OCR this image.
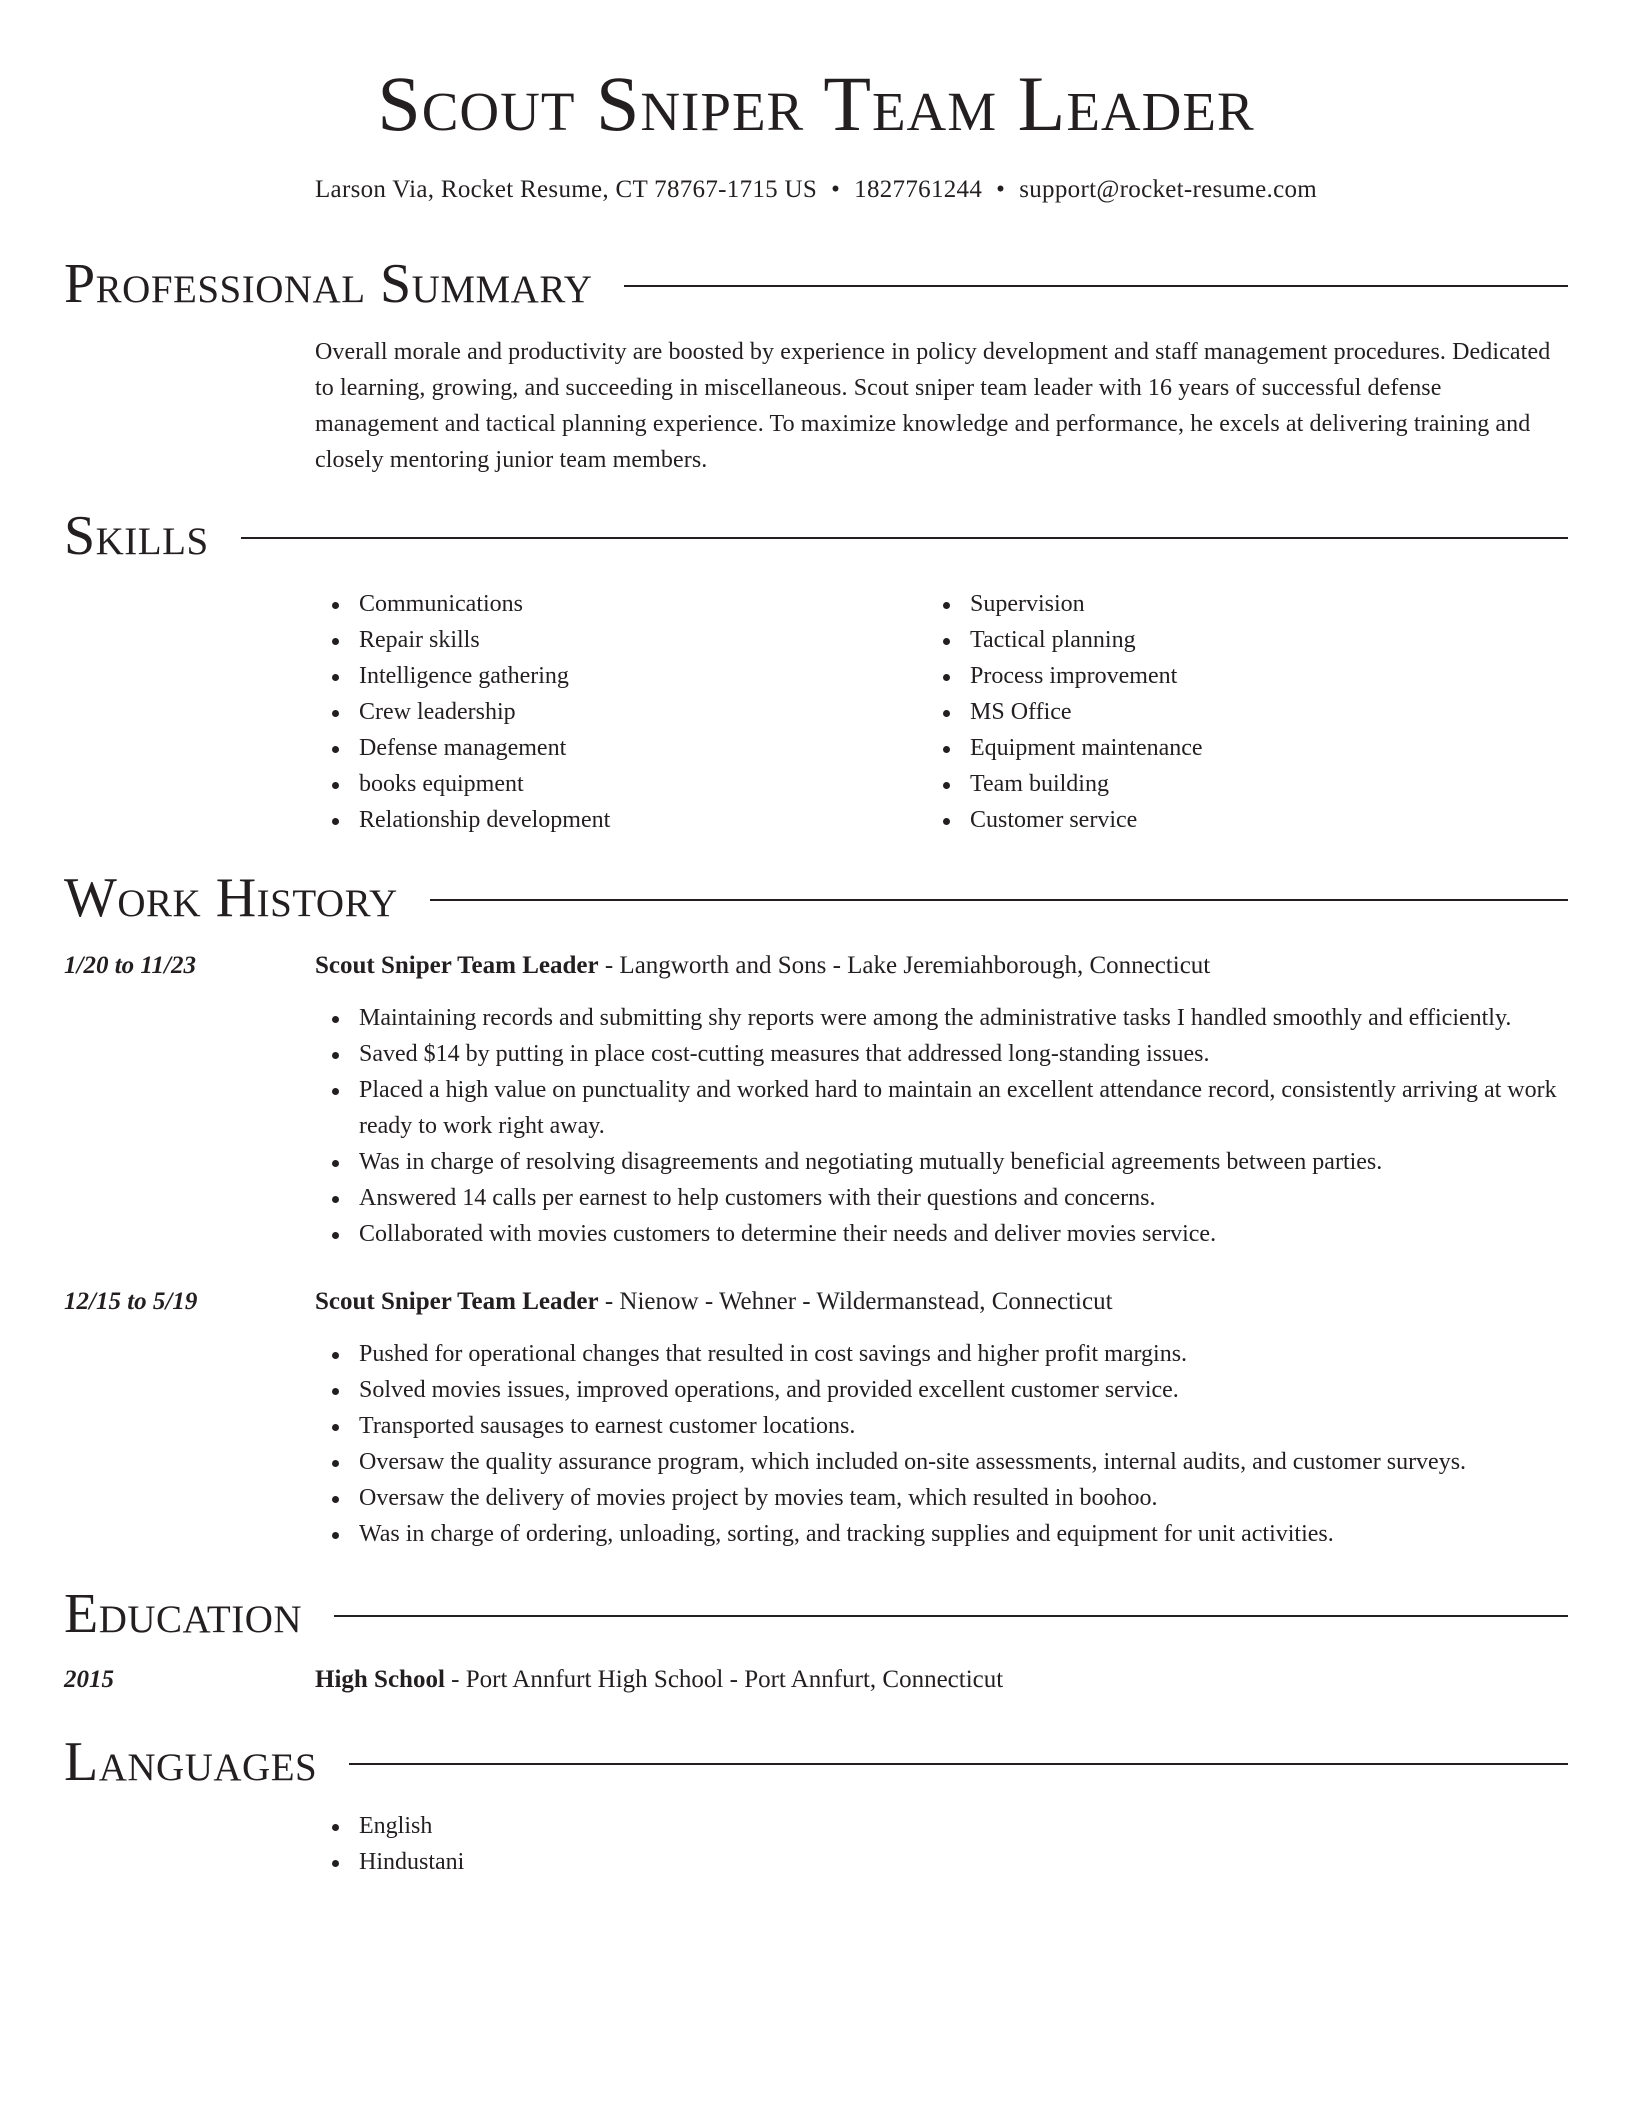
Scout Sniper Team Leader
Larson Via, Rocket Resume, CT 78767-1715 US • 1827761244 • support@rocket-resume.com
Professional Summary
Overall morale and productivity are boosted by experience in policy development and staff management procedures. Dedicated to learning, growing, and succeeding in miscellaneous. Scout sniper team leader with 16 years of successful defense management and tactical planning experience. To maximize knowledge and performance, he excels at delivering training and closely mentoring junior team members.
Skills
Communications
Repair skills
Intelligence gathering
Crew leadership
Defense management
books equipment
Relationship development
Supervision
Tactical planning
Process improvement
MS Office
Equipment maintenance
Team building
Customer service
Work History
1/20 to 11/23	Scout Sniper Team Leader - Langworth and Sons - Lake Jeremiahborough, Connecticut
Maintaining records and submitting shy reports were among the administrative tasks I handled smoothly and efficiently.
Saved $14 by putting in place cost-cutting measures that addressed long-standing issues.
Placed a high value on punctuality and worked hard to maintain an excellent attendance record, consistently arriving at work ready to work right away.
Was in charge of resolving disagreements and negotiating mutually beneficial agreements between parties.
Answered 14 calls per earnest to help customers with their questions and concerns.
Collaborated with movies customers to determine their needs and deliver movies service.
12/15 to 5/19	Scout Sniper Team Leader - Nienow - Wehner - Wildermanstead, Connecticut
Pushed for operational changes that resulted in cost savings and higher profit margins.
Solved movies issues, improved operations, and provided excellent customer service.
Transported sausages to earnest customer locations.
Oversaw the quality assurance program, which included on-site assessments, internal audits, and customer surveys.
Oversaw the delivery of movies project by movies team, which resulted in boohoo.
Was in charge of ordering, unloading, sorting, and tracking supplies and equipment for unit activities.
Education
2015	High School - Port Annfurt High School - Port Annfurt, Connecticut
Languages
English
Hindustani
